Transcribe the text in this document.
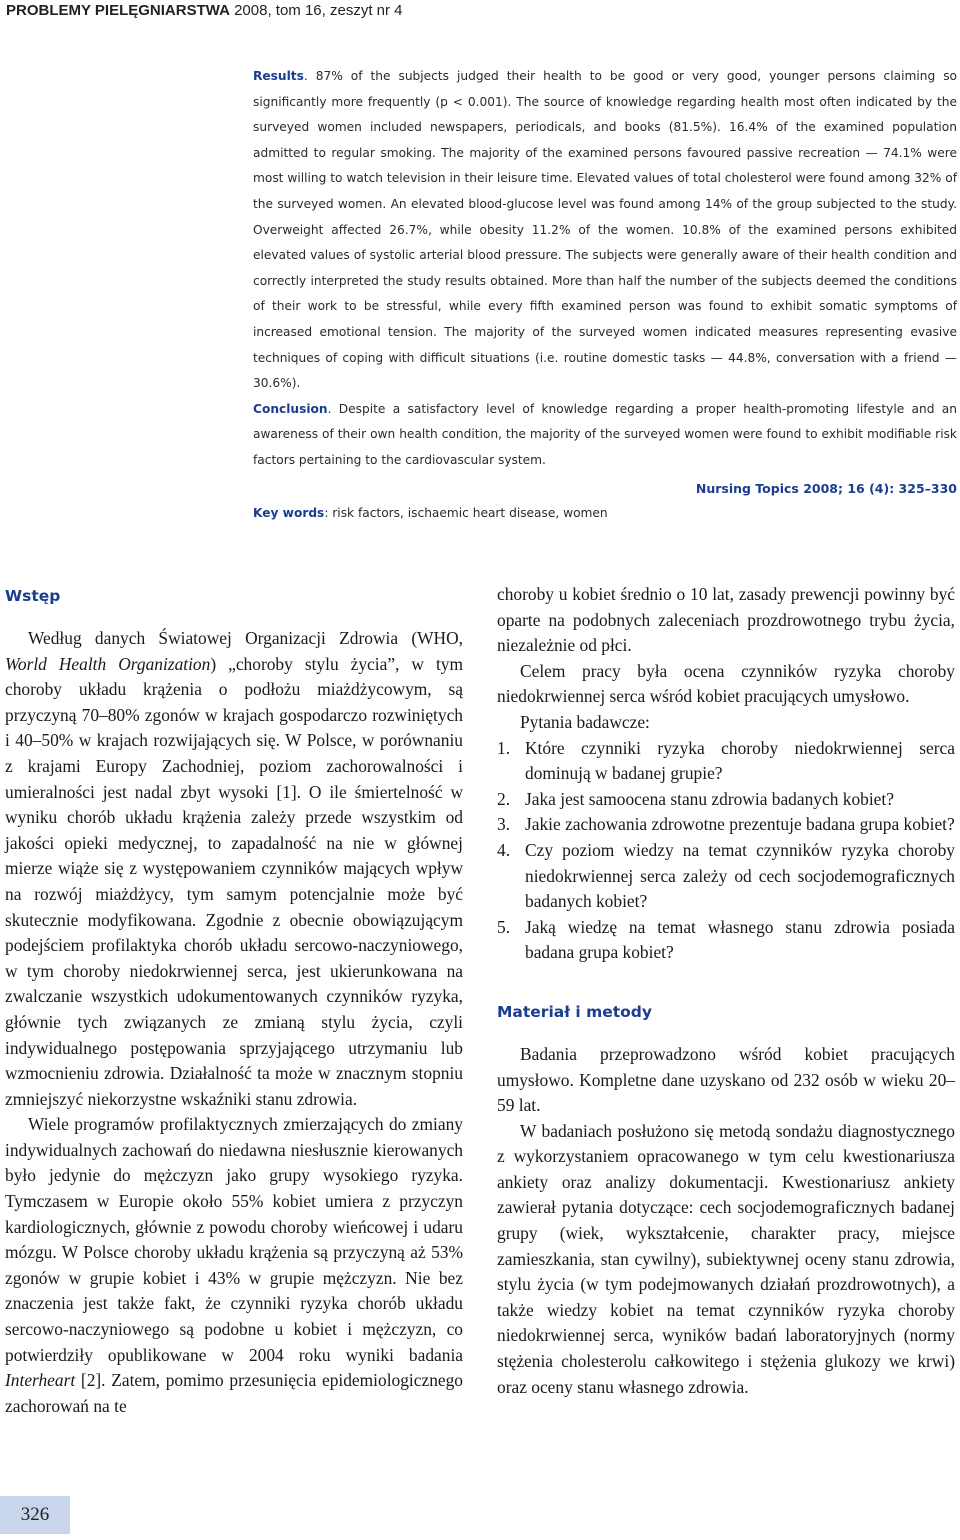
PROBLEMY PIELĘGNIARSTWA 2008, tom 16, zeszyt nr 4

Results. 87% of the subjects judged their health to be good or very good, younger persons claiming so significantly more frequently (p < 0.001). The source of knowledge regarding health most often indicated by the surveyed women included newspapers, periodicals, and books (81.5%). 16.4% of the examined population admitted to regular smoking. The majority of the examined persons favoured passive recreation — 74.1% were most willing to watch television in their leisure time. Elevated values of total cholesterol were found among 32% of the surveyed women. An elevated blood-glucose level was found among 14% of the group subjected to the study. Overweight affected 26.7%, while obesity 11.2% of the women. 10.8% of the examined persons exhibited elevated values of systolic arterial blood pressure. The subjects were generally aware of their health condition and correctly interpreted the study results obtained. More than half the number of the subjects deemed the conditions of their work to be stressful, while every fifth examined person was found to exhibit somatic symptoms of increased emotional tension. The majority of the surveyed women indicated measures representing evasive techniques of coping with difficult situations (i.e. routine domestic tasks — 44.8%, conversation with a friend — 30.6%).

Conclusion. Despite a satisfactory level of knowledge regarding a proper health-promoting lifestyle and an awareness of their own health condition, the majority of the surveyed women were found to exhibit modifiable risk factors pertaining to the cardiovascular system.

Nursing Topics 2008; 16 (4): 325–330

Key words: risk factors, ischaemic heart disease, women

Wstęp

Według danych Światowej Organizacji Zdrowia (WHO, World Health Organization) „choroby stylu życia”, w tym choroby układu krążenia o podłożu miażdżycowym, są przyczyną 70–80% zgonów w krajach gospodarczo rozwiniętych i 40–50% w krajach rozwijających się. W Polsce, w porównaniu z krajami Europy Zachodniej, poziom zachorowalności i umieralności jest nadal zbyt wysoki [1]. O ile śmiertelność w wyniku chorób układu krążenia zależy przede wszystkim od jakości opieki medycznej, to zapadalność na nie w głównej mierze wiąże się z występowaniem czynników mających wpływ na rozwój miażdżycy, tym samym potencjalnie może być skutecznie modyfikowana. Zgodnie z obecnie obowiązującym podejściem profilaktyka chorób układu sercowo-naczyniowego, w tym choroby niedokrwiennej serca, jest ukierunkowana na zwalczanie wszystkich udokumentowanych czynników ryzyka, głównie tych związanych ze zmianą stylu życia, czyli indywidualnego postępowania sprzyjającego utrzymaniu lub wzmocnieniu zdrowia. Działalność ta może w znacznym stopniu zmniejszyć niekorzystne wskaźniki stanu zdrowia.

Wiele programów profilaktycznych zmierzających do zmiany indywidualnych zachowań do niedawna niesłusznie kierowanych było jedynie do mężczyzn jako grupy wysokiego ryzyka. Tymczasem w Europie około 55% kobiet umiera z przyczyn kardiologicznych, głównie z powodu choroby wieńcowej i udaru mózgu. W Polsce choroby układu krążenia są przyczyną aż 53% zgonów w grupie kobiet i 43% w grupie mężczyzn. Nie bez znaczenia jest także fakt, że czynniki ryzyka chorób układu sercowo-naczyniowego są podobne u kobiet i mężczyzn, co potwierdziły opublikowane w 2004 roku wyniki badania Interheart [2]. Zatem, pomimo przesunięcia epidemiologicznego zachorowań na te

choroby u kobiet średnio o 10 lat, zasady prewencji powinny być oparte na podobnych zaleceniach prozdrowotnego trybu życia, niezależnie od płci.

Celem pracy była ocena czynników ryzyka choroby niedokrwiennej serca wśród kobiet pracujących umysłowo.

Pytania badawcze:

1. Które czynniki ryzyka choroby niedokrwiennej serca dominują w badanej grupie?
2. Jaka jest samoocena stanu zdrowia badanych kobiet?
3. Jakie zachowania zdrowotne prezentuje badana grupa kobiet?
4. Czy poziom wiedzy na temat czynników ryzyka choroby niedokrwiennej serca zależy od cech socjodemograficznych badanych kobiet?
5. Jaką wiedzę na temat własnego stanu zdrowia posiada badana grupa kobiet?
Materiał i metody

Badania przeprowadzono wśród kobiet pracujących umysłowo. Kompletne dane uzyskano od 232 osób w wieku 20–59 lat.

W badaniach posłużono się metodą sondażu diagnostycznego z wykorzystaniem opracowanego w tym celu kwestionariusza ankiety oraz analizy dokumentacji. Kwestionariusz ankiety zawierał pytania dotyczące: cech socjodemograficznych badanej grupy (wiek, wykształcenie, charakter pracy, miejsce zamieszkania, stan cywilny), subiektywnej oceny stanu zdrowia, stylu życia (w tym podejmowanych działań prozdrowotnych), a także wiedzy kobiet na temat czynników ryzyka choroby niedokrwiennej serca, wyników badań laboratoryjnych (normy stężenia cholesterolu całkowitego i stężenia glukozy we krwi) oraz oceny stanu własnego zdrowia.

326
